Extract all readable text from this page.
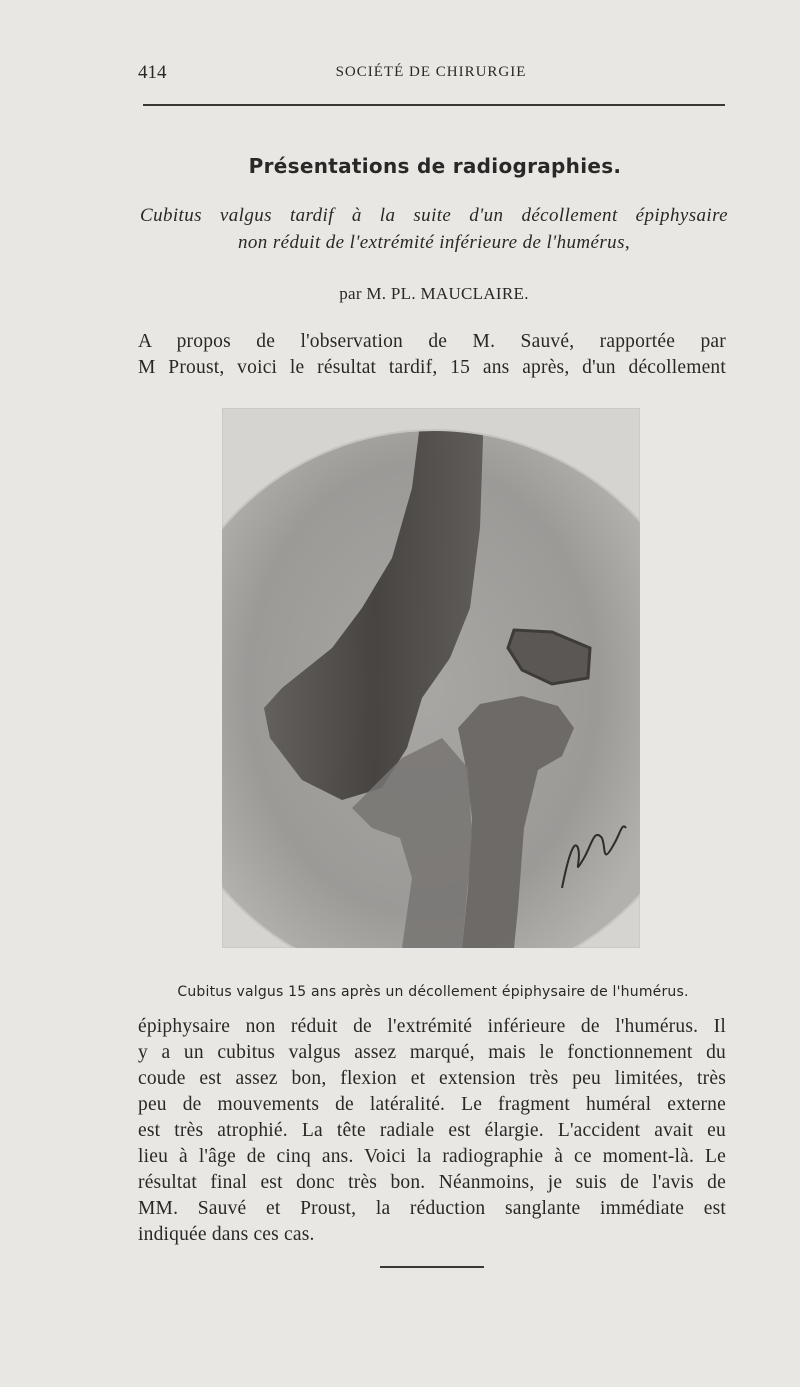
414	SOCIÉTÉ DE CHIRURGIE
Présentations de radiographies.
Cubitus valgus tardif à la suite d'un décollement épiphysaire
non réduit de l'extrémité inférieure de l'humérus,
par M. PL. MAUCLAIRE.
A propos de l'observation de M. Sauvé, rapportée par
M Proust, voici le résultat tardif, 15 ans après, d'un décollement
Cubitus valgus 15 ans après un décollement épiphysaire de l'humérus.
épiphysaire non réduit de l'extrémité inférieure de l'humérus. Il
y a un cubitus valgus assez marqué, mais le fonctionnement du
coude est assez bon, flexion et extension très peu limitées, très
peu de mouvements de latéralité. Le fragment huméral externe
est très atrophié. La tête radiale est élargie. L'accident avait eu
lieu à l'âge de cinq ans. Voici la radiographie à ce moment-là. Le
résultat final est donc très bon. Néanmoins, je suis de l'avis de
MM. Sauvé et Proust, la réduction sanglante immédiate est
indiquée dans ces cas.
